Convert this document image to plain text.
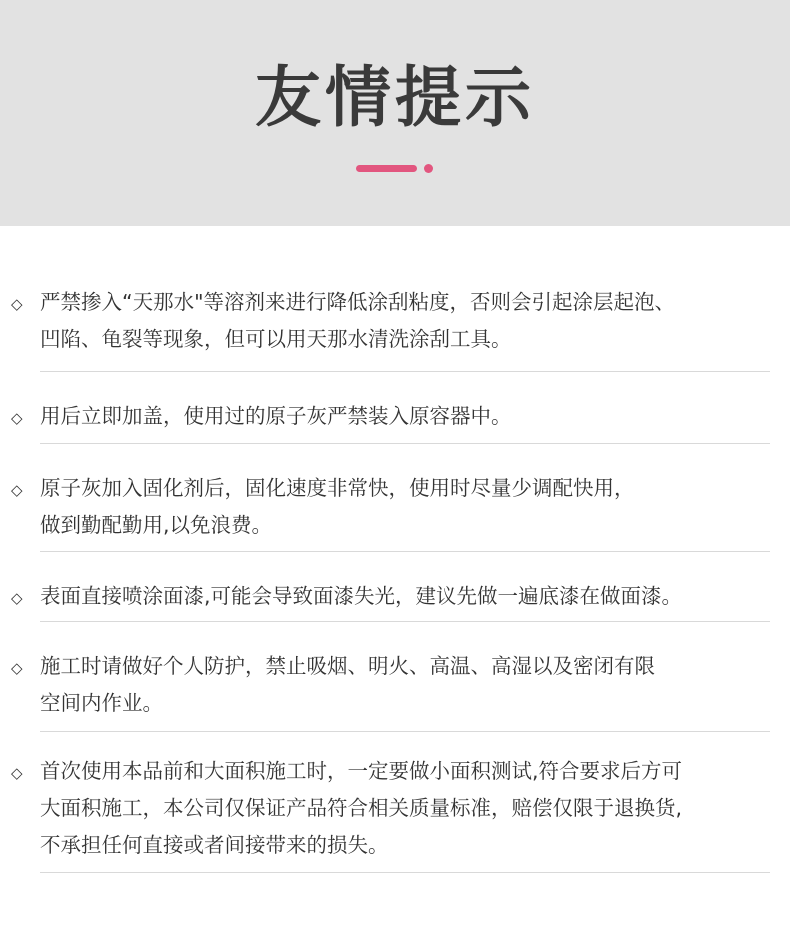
友情提示
◇ 严禁掺入“天那水"等溶剂来进行降低涂刮粘度，否则会引起涂层起泡、
凹陷、龟裂等现象，但可以用天那水清洗涂刮工具。

◇ 用后立即加盖，使用过的原子灰严禁装入原容器中。

◇ 原子灰加入固化剂后，固化速度非常快，使用时尽量少调配快用，
做到勤配勤用,以免浪费。

◇ 表面直接喷涂面漆,可能会导致面漆失光，建议先做一遍底漆在做面漆。

◇ 施工时请做好个人防护，禁止吸烟、明火、高温、高湿以及密闭有限
空间内作业。

◇ 首次使用本品前和大面积施工时，一定要做小面积测试,符合要求后方可
大面积施工，本公司仅保证产品符合相关质量标准，赔偿仅限于退换货,
不承担任何直接或者间接带来的损失。
